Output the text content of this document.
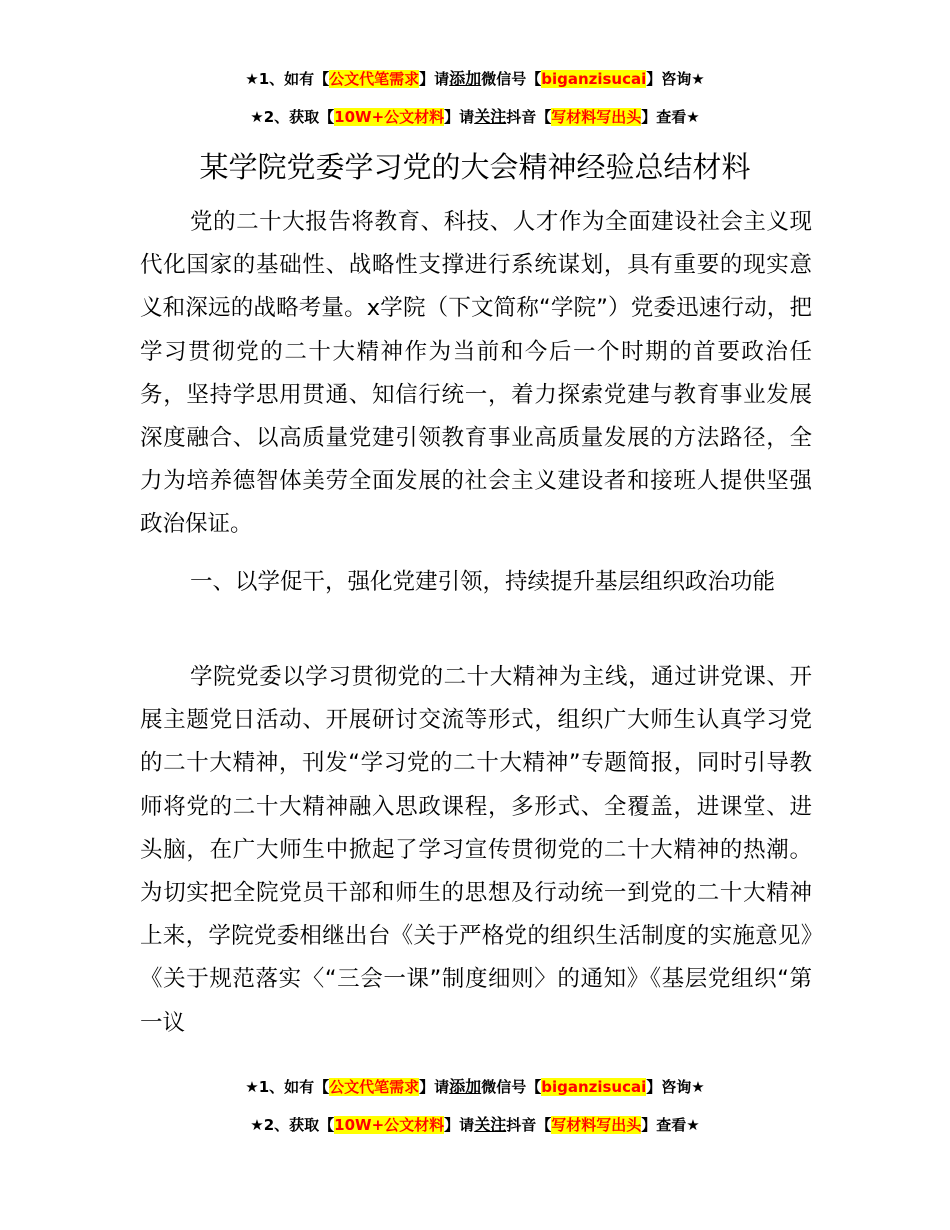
★1、如有【公文代笔需求】请添加微信号【biganzisucai】咨询★
★2、获取【10W+公文材料】请关注抖音【写材料写出头】查看★
某学院党委学习党的大会精神经验总结材料

党的二十大报告将教育、科技、人才作为全面建设社会主义现代化国家的基础性、战略性支撑进行系统谋划，具有重要的现实意义和深远的战略考量。x学院（下文简称“学院”）党委迅速行动，把学习贯彻党的二十大精神作为当前和今后一个时期的首要政治任务，坚持学思用贯通、知信行统一，着力探索党建与教育事业发展深度融合、以高质量党建引领教育事业高质量发展的方法路径，全力为培养德智体美劳全面发展的社会主义建设者和接班人提供坚强政治保证。

一、以学促干，强化党建引领，持续提升基层组织政治功能

学院党委以学习贯彻党的二十大精神为主线，通过讲党课、开展主题党日活动、开展研讨交流等形式，组织广大师生认真学习党的二十大精神，刊发“学习党的二十大精神”专题简报，同时引导教师将党的二十大精神融入思政课程，多形式、全覆盖，进课堂、进头脑，在广大师生中掀起了学习宣传贯彻党的二十大精神的热潮。为切实把全院党员干部和师生的思想及行动统一到党的二十大精神上来，学院党委相继出台《关于严格党的组织生活制度的实施意见》《关于规范落实〈“三会一课”制度细则〉的通知》《基层党组织“第一议

★1、如有【公文代笔需求】请添加微信号【biganzisucai】咨询★
★2、获取【10W+公文材料】请关注抖音【写材料写出头】查看★
